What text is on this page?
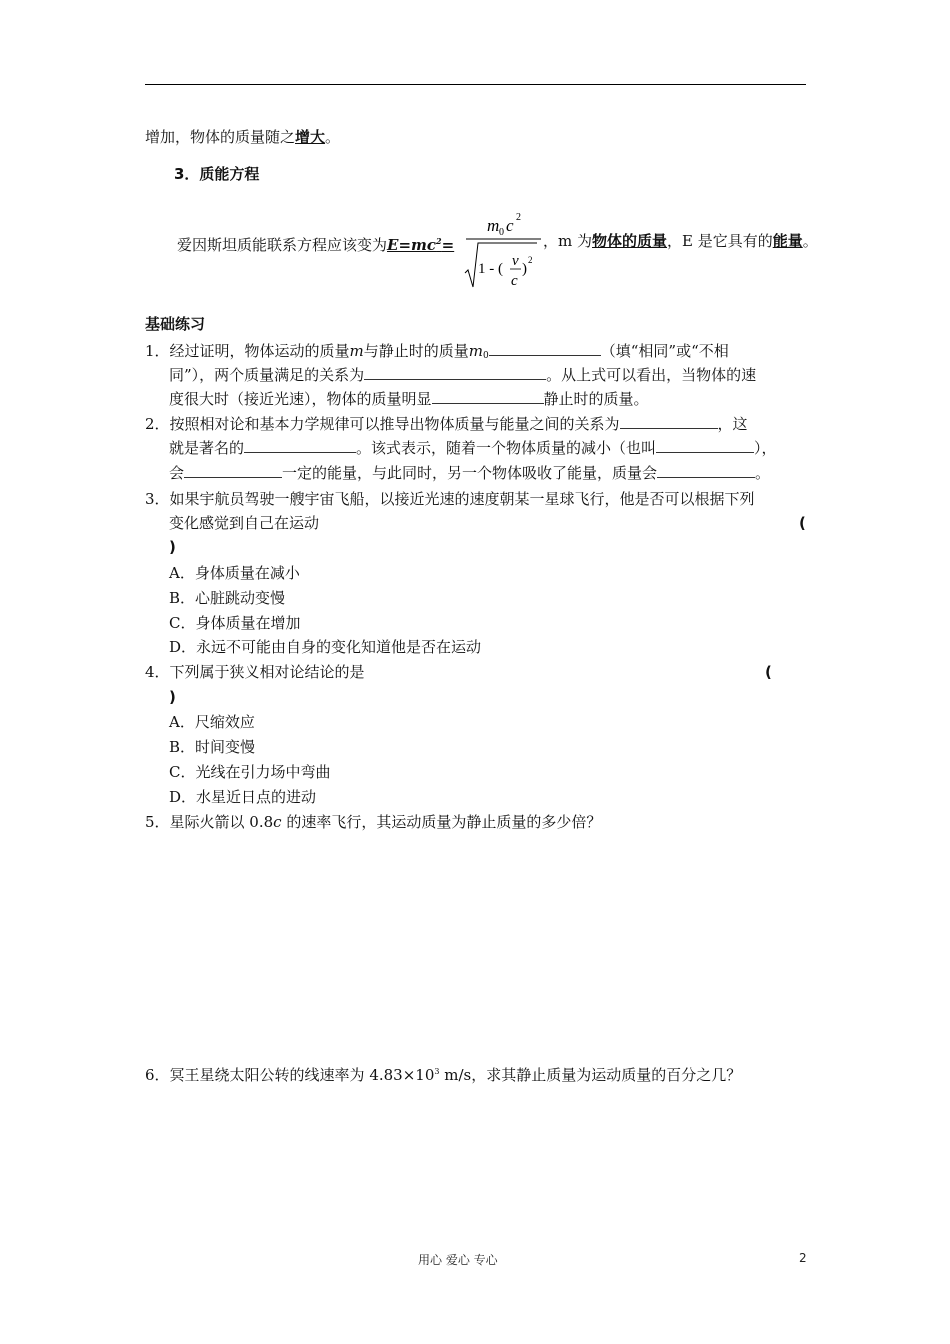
增加，物体的质量随之增大。
3．质能方程
爱因斯坦质能联系方程应该变为$E=mc^2=$
m 0 c 2
1 - ( v
c
)
2
，m 为物体的质量，E 是它具有的能量。
基础练习
1．经过证明，物体运动的质量m与静止时的质量$m_0$	（填“相同”或“不相
同”），两个质量满足的关系为	。从上式可以看出，当物体的速
度很大时（接近光速），物体的质量明显	静止时的质量。
2．按照相对论和基本力学规律可以推导出物体质量与能量之间的关系为	，这
就是著名的	。该式表示，随着一个物体质量的减小（也叫	），
会	一定的能量，与此同时，另一个物体吸收了能量，质量会	。
3．如果宇航员驾驶一艘宇宙飞船，以接近光速的速度朝某一星球飞行，他是否可以根据下列
变化感觉到自己在运动	(
)
A．身体质量在减小
B．心脏跳动变慢
C．身体质量在增加
D．永远不可能由自身的变化知道他是否在运动
4．下列属于狭义相对论结论的是	(
)
A．尺缩效应
B．时间变慢
C．光线在引力场中弯曲
D．水星近日点的进动
5．星际火箭以 0.8c 的速率飞行，其运动质量为静止质量的多少倍？
6．冥王星绕太阳公转的线速率为 $4.83\times 10^3$ m/s，求其静止质量为运动质量的百分之几？
用心 爱心 专心	2
